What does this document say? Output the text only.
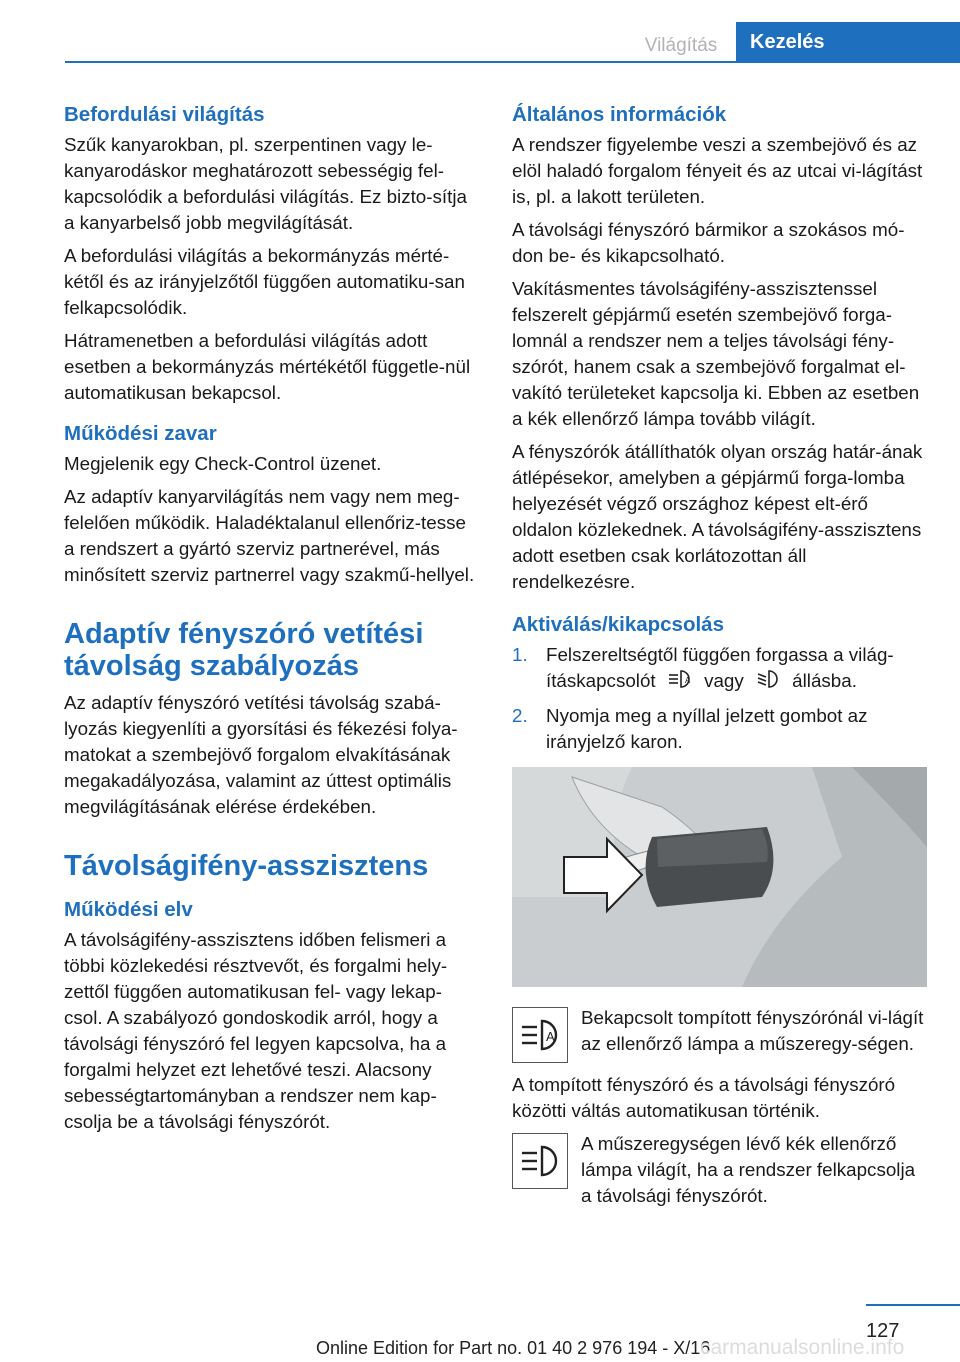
Világítás	Kezelés
Befordulási világítás

Szűk kanyarokban, pl. szerpentinen vagy le-kanyarodáskor meghatározott sebességig fel-kapcsolódik a befordulási világítás. Ez bizto-sítja a kanyarbelső jobb megvilágítását.

A befordulási világítás a bekormányzás mérté-kétől és az irányjelzőtől függően automatiku-san felkapcsolódik.

Hátramenetben a befordulási világítás adott esetben a bekormányzás mértékétől függetle-nül automatikusan bekapcsol.

Működési zavar

Megjelenik egy Check-Control üzenet.

Az adaptív kanyarvilágítás nem vagy nem meg-felelően működik. Haladéktalanul ellenőriz-tesse a rendszert a gyártó szerviz partnerével, más minősített szerviz partnerrel vagy szakmű-hellyel.

Adaptív fényszóró vetítési távolság szabályozás

Az adaptív fényszóró vetítési távolság szabá-lyozás kiegyenlíti a gyorsítási és fékezési folya-matokat a szembejövő forgalom elvakításának megakadályozása, valamint az úttest optimális megvilágításának elérése érdekében.

Távolságifény-asszisztens
Működési elv

A távolságifény-asszisztens időben felismeri a többi közlekedési résztvevőt, és forgalmi hely-zettől függően automatikusan fel- vagy lekap-csol. A szabályozó gondoskodik arról, hogy a távolsági fényszóró fel legyen kapcsolva, ha a forgalmi helyzet ezt lehetővé teszi. Alacsony sebességtartományban a rendszer nem kap-csolja be a távolsági fényszórót.

Általános információk

A rendszer figyelembe veszi a szembejövő és az elöl haladó forgalom fényeit és az utcai vi-lágítást is, pl. a lakott területen.

A távolsági fényszóró bármikor a szokásos mó-don be- és kikapcsolható.

Vakításmentes távolságifény-asszisztenssel felszerelt gépjármű esetén szembejövő forga-lomnál a rendszer nem a teljes távolsági fény-szórót, hanem csak a szembejövő forgalmat el-vakító területeket kapcsolja ki. Ebben az esetben a kék ellenőrző lámpa tovább világít.

A fényszórók átállíthatók olyan ország határ-ának átlépésekor, amelyben a gépjármű forga-lomba helyezését végző országhoz képest elt-érő oldalon közlekednek. A távolságifény-asszisztens adott esetben csak korlátozottan áll rendelkezésre.

Aktiválás/kikapcsolás
1. Felszereltségtől függően forgassa a világ-ításkapcsolót	A vagy	állásba.
2. Nyomja meg a nyíllal jelzett gombot az irányjelző karon.
A

Bekapcsolt tompított fényszórónál vi-lágít az ellenőrző lámpa a műszeregy-ségen.

A tompított fényszóró és a távolsági fényszóró közötti váltás automatikusan történik.

A műszeregységen lévő kék ellenőrző lámpa világít, ha a rendszer felkapcsolja a távolsági fényszórót.

127
Online Edition for Part no. 01 40 2 976 194 - X/16
carmanualsonline.info
